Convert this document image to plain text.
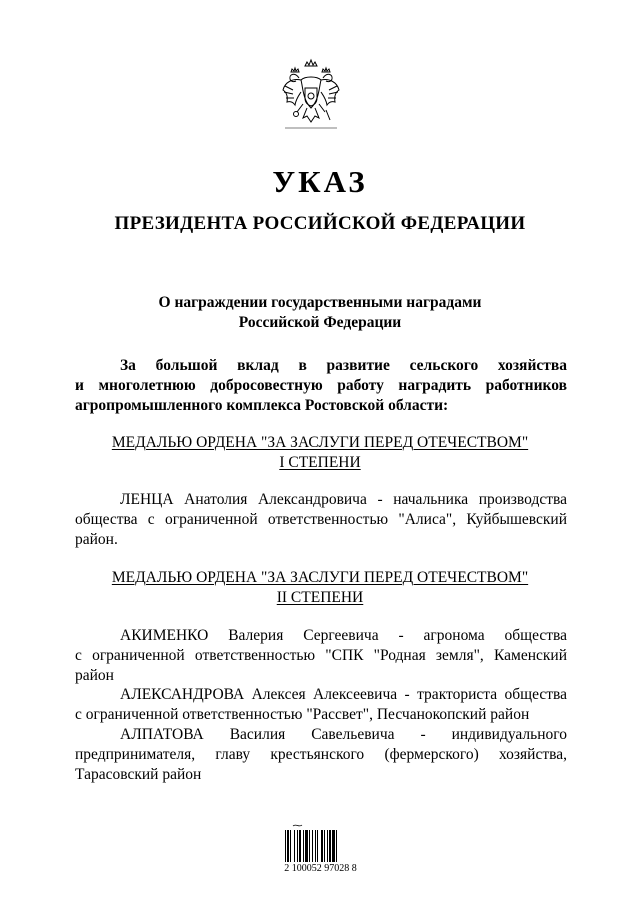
УКАЗ
ПРЕЗИДЕНТА РОССИЙСКОЙ ФЕДЕРАЦИИ
О награждении государственными наградами
Российской Федерации
За большой вклад в развитие сельского хозяйства
и многолетнюю добросовестную работу наградить работников
агропромышленного комплекса Ростовской области:
МЕДАЛЬЮ ОРДЕНА "ЗА ЗАСЛУГИ ПЕРЕД ОТЕЧЕСТВОМ"
I СТЕПЕНИ
ЛЕНЦА Анатолия Александровича - начальника производства
общества с ограниченной ответственностью "Алиса", Куйбышевский
район.
МЕДАЛЬЮ ОРДЕНА "ЗА ЗАСЛУГИ ПЕРЕД ОТЕЧЕСТВОМ"
II СТЕПЕНИ
АКИМЕНКО Валерия Сергеевича - агронома общества
с ограниченной ответственностью "СПК "Родная земля", Каменский
район
АЛЕКСАНДРОВА Алексея Алексеевича - тракториста общества
с ограниченной ответственностью "Рассвет", Песчанокопский район
АЛПАТОВА Василия Савельевича - индивидуального
предпринимателя, главу крестьянского (фермерского) хозяйства,
Тарасовский район
2 100052 97028 8
